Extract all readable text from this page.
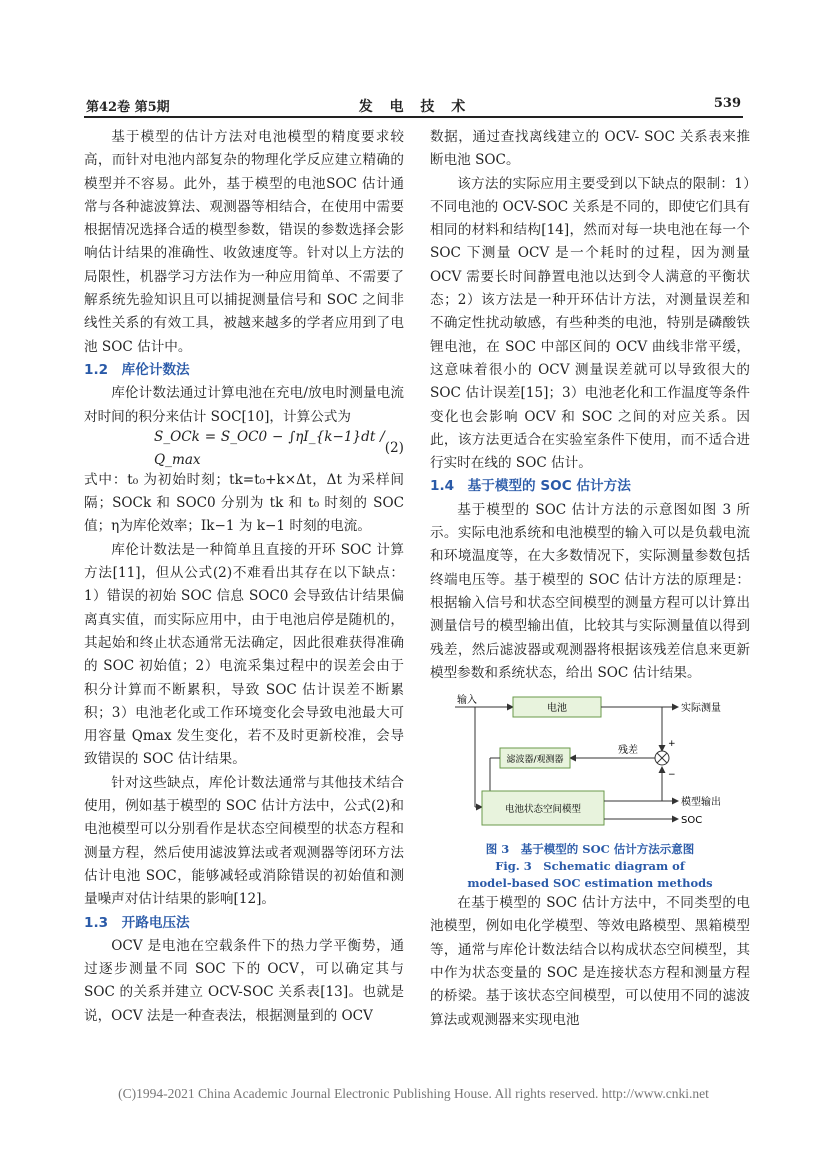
第42卷 第5期	发 电 技 术	539

基于模型的估计方法对电池模型的精度要求较高，而针对电池内部复杂的物理化学反应建立精确的模型并不容易。此外，基于模型的电池SOC 估计通常与各种滤波算法、观测器等相结合，在使用中需要根据情况选择合适的模型参数，错误的参数选择会影响估计结果的准确性、收敛速度等。针对以上方法的局限性，机器学习方法作为一种应用简单、不需要了解系统先验知识且可以捕捉测量信号和 SOC 之间非线性关系的有效工具，被越来越多的学者应用到了电池 SOC 估计中。

1.2　库伦计数法

库伦计数法通过计算电池在充电/放电时测量电流对时间的积分来估计 SOC[10]，计算公式为

S_OCk = S_OC0 − ∫ηI_{k−1}dt / Q_max
(2)

式中：t₀ 为初始时刻；tk=t₀+k×Δt，Δt 为采样间隔；SOCk 和 SOC0 分别为 tk 和 t₀ 时刻的 SOC 值；η为库伦效率；Ik−1 为 k−1 时刻的电流。

库伦计数法是一种简单且直接的开环 SOC 计算方法[11]，但从公式(2)不难看出其存在以下缺点：1）错误的初始 SOC 信息 SOC0 会导致估计结果偏离真实值，而实际应用中，由于电池启停是随机的，其起始和终止状态通常无法确定，因此很难获得准确的 SOC 初始值；2）电流采集过程中的误差会由于积分计算而不断累积，导致 SOC 估计误差不断累积；3）电池老化或工作环境变化会导致电池最大可用容量 Qmax 发生变化，若不及时更新校准，会导致错误的 SOC 估计结果。

针对这些缺点，库伦计数法通常与其他技术结合使用，例如基于模型的 SOC 估计方法中，公式(2)和电池模型可以分别看作是状态空间模型的状态方程和测量方程，然后使用滤波算法或者观测器等闭环方法估计电池 SOC，能够减轻或消除错误的初始值和测量噪声对估计结果的影响[12]。

1.3　开路电压法

OCV 是电池在空载条件下的热力学平衡势，通过逐步测量不同 SOC 下的 OCV，可以确定其与 SOC 的关系并建立 OCV-SOC 关系表[13]。也就是说，OCV 法是一种查表法，根据测量到的 OCV

数据，通过查找离线建立的 OCV- SOC 关系表来推断电池 SOC。

该方法的实际应用主要受到以下缺点的限制：1）不同电池的 OCV-SOC 关系是不同的，即使它们具有相同的材料和结构[14]，然而对每一块电池在每一个 SOC 下测量 OCV 是一个耗时的过程，因为测量 OCV 需要长时间静置电池以达到令人满意的平衡状态；2）该方法是一种开环估计方法，对测量误差和不确定性扰动敏感，有些种类的电池，特别是磷酸铁锂电池，在 SOC 中部区间的 OCV 曲线非常平缓，这意味着很小的 OCV 测量误差就可以导致很大的 SOC 估计误差[15]；3）电池老化和工作温度等条件变化也会影响 OCV 和 SOC 之间的对应关系。因此，该方法更适合在实验室条件下使用，而不适合进行实时在线的 SOC 估计。

1.4　基于模型的 SOC 估计方法

基于模型的 SOC 估计方法的示意图如图 3 所示。实际电池系统和电池模型的输入可以是负载电流和环境温度等，在大多数情况下，实际测量参数包括终端电压等。基于模型的 SOC 估计方法的原理是：根据输入信号和状态空间模型的测量方程可以计算出测量信号的模型输出值，比较其与实际测量值以得到残差，然后滤波器或观测器将根据该残差信息来更新模型参数和系统状态，给出 SOC 估计结果。

输入
电池	实际测量
+
−
残差
滤波器/观测器
电池状态空间模型
模型输出
SOC
图 3　基于模型的 SOC 估计方法示意图
Fig. 3　Schematic diagram of
model-based SOC estimation methods

在基于模型的 SOC 估计方法中，不同类型的电池模型，例如电化学模型、等效电路模型、黑箱模型等，通常与库伦计数法结合以构成状态空间模型，其中作为状态变量的 SOC 是连接状态方程和测量方程的桥梁。基于该状态空间模型，可以使用不同的滤波算法或观测器来实现电池

(C)1994-2021 China Academic Journal Electronic Publishing House. All rights reserved. http://www.cnki.net
